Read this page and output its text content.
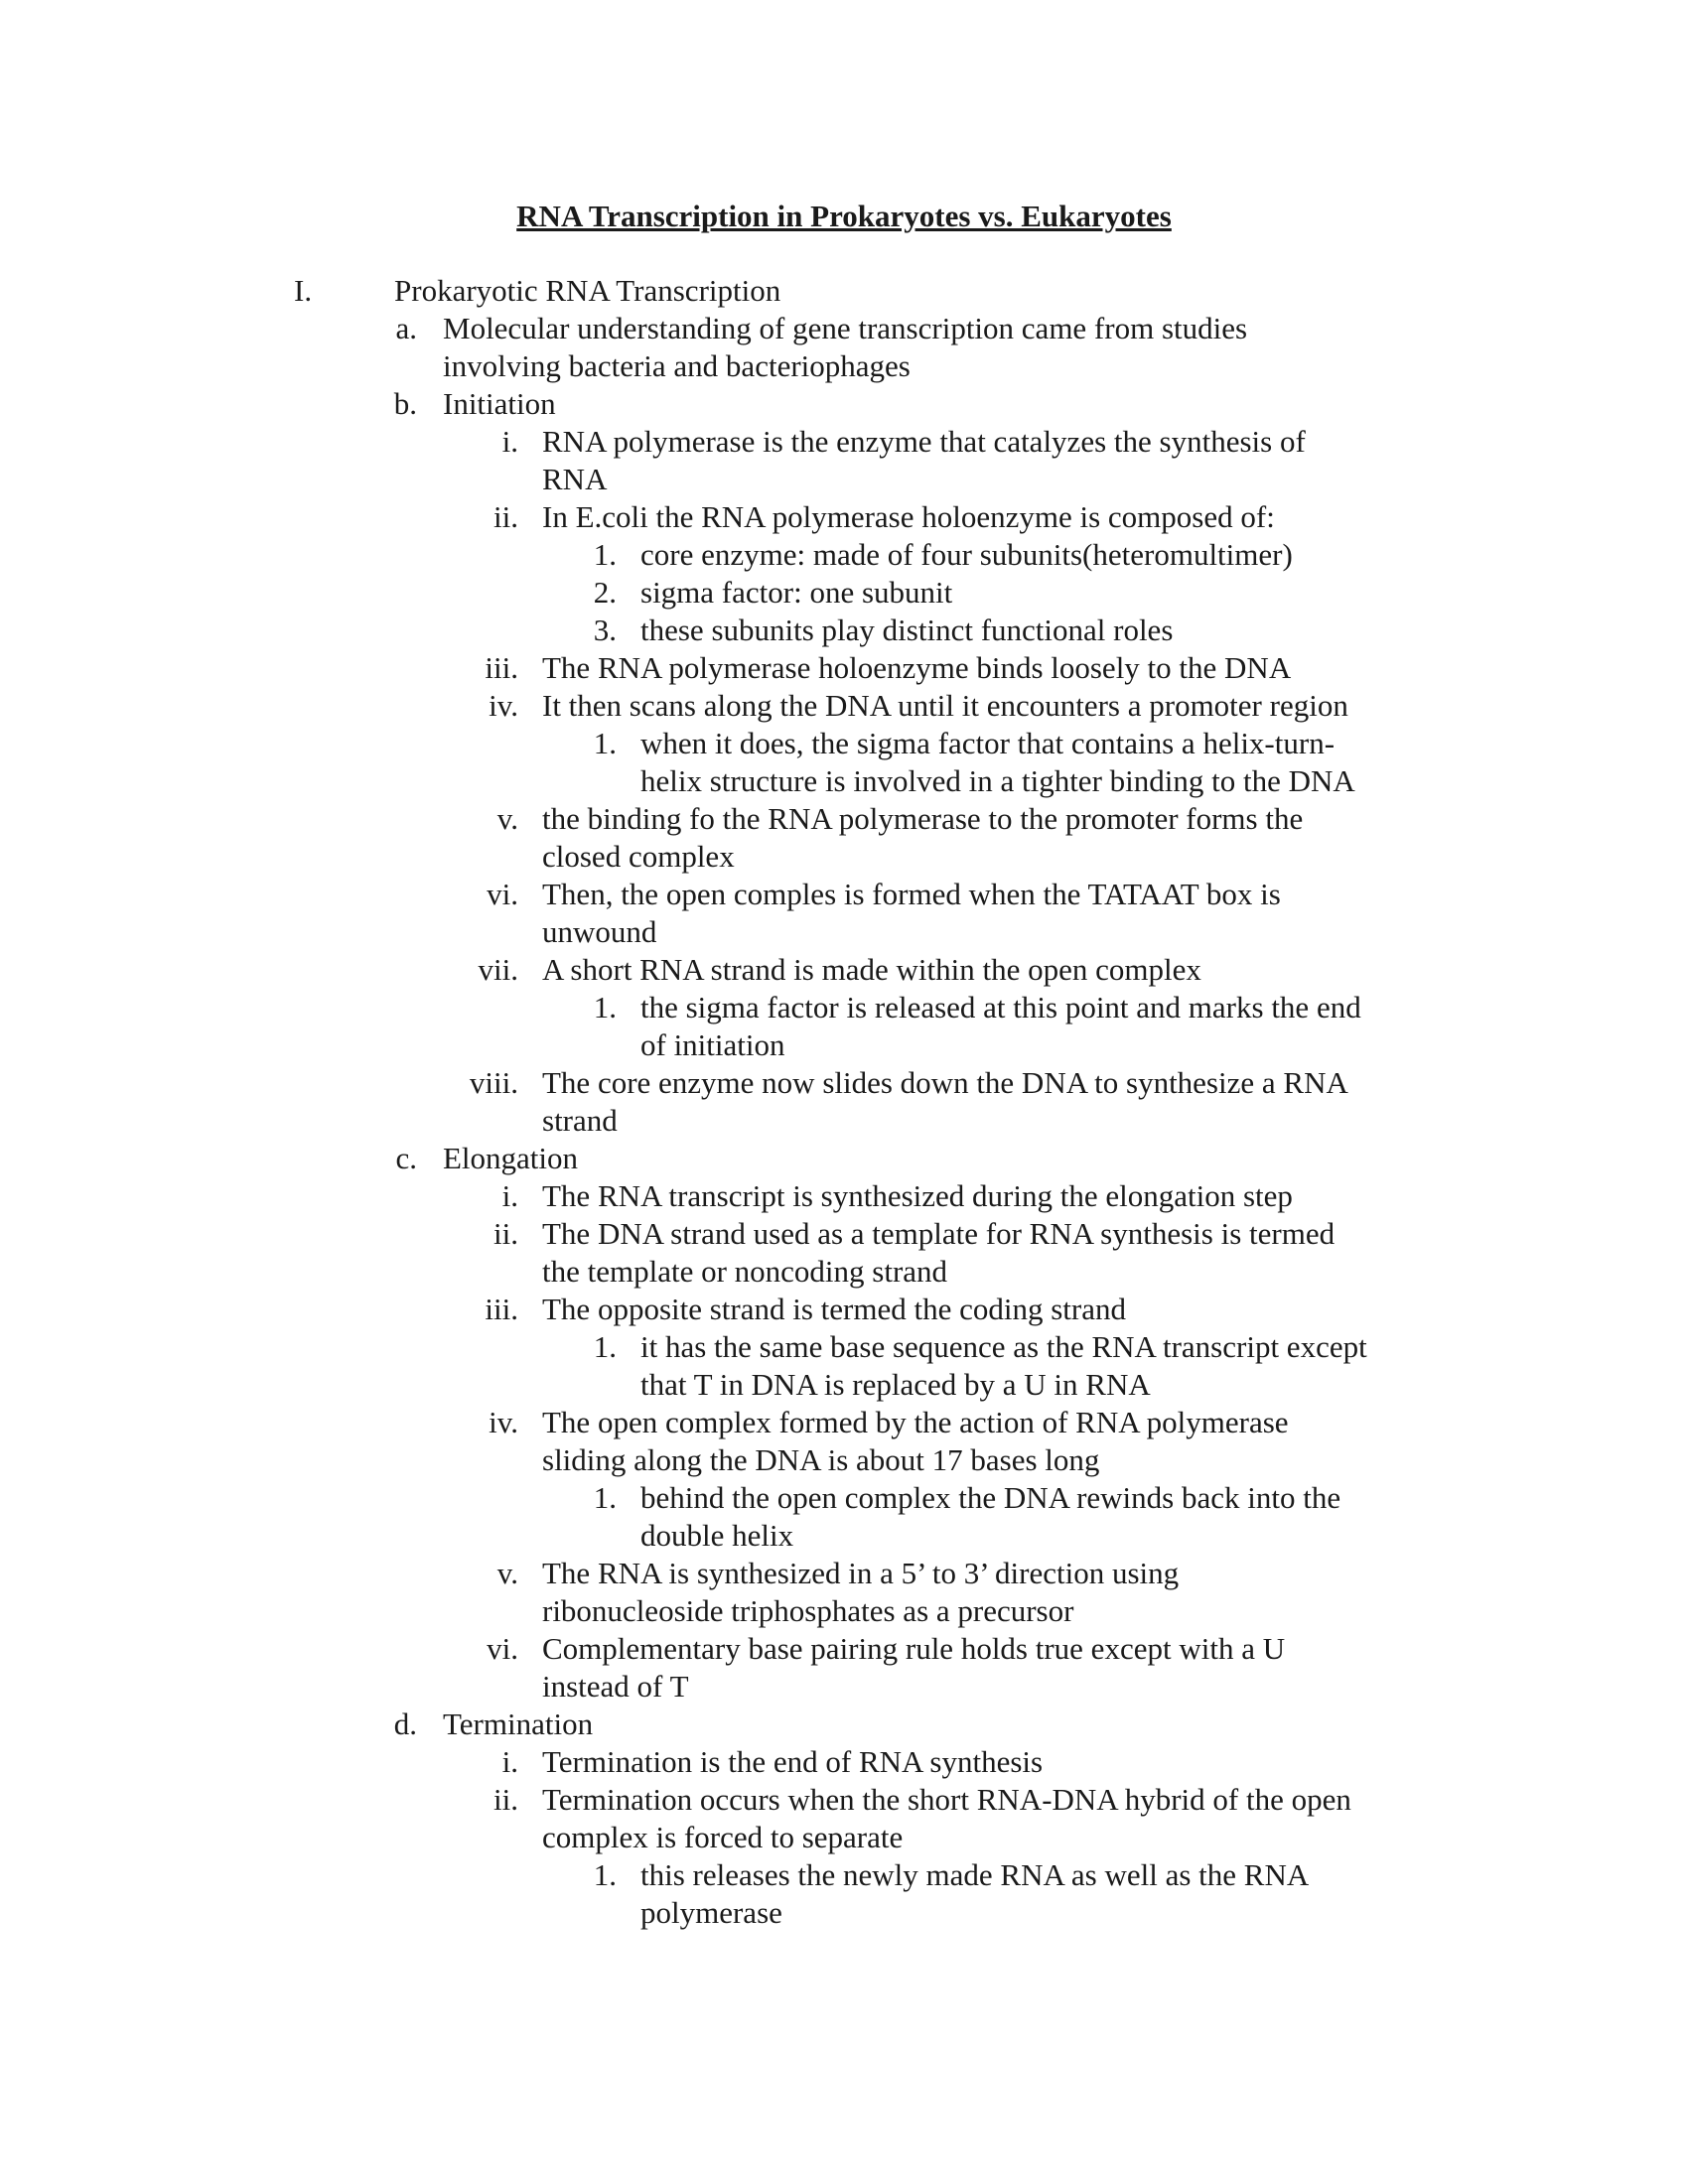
RNA Transcription in Prokaryotes vs. Eukaryotes
I.	Prokaryotic RNA Transcription
a. Molecular understanding of gene transcription came from studies
involving bacteria and bacteriophages
b. Initiation
i. RNA polymerase is the enzyme that catalyzes the synthesis of
RNA
ii. In E.coli the RNA polymerase holoenzyme is composed of:
1. core enzyme: made of four subunits(heteromultimer)
2. sigma factor: one subunit
3. these subunits play distinct functional roles
iii. The RNA polymerase holoenzyme binds loosely to the DNA
iv. It then scans along the DNA until it encounters a promoter region
1. when it does, the sigma factor that contains a helix-turn-
helix structure is involved in a tighter binding to the DNA
v. the binding fo the RNA polymerase to the promoter forms the
closed complex
vi. Then, the open comples is formed when the TATAAT box is
unwound
vii. A short RNA strand is made within the open complex
1. the sigma factor is released at this point and marks the end
of initiation
viii. The core enzyme now slides down the DNA to synthesize a RNA
strand
c. Elongation
i. The RNA transcript is synthesized during the elongation step
ii. The DNA strand used as a template for RNA synthesis is termed
the template or noncoding strand
iii. The opposite strand is termed the coding strand
1. it has the same base sequence as the RNA transcript except
that T in DNA is replaced by a U in RNA
iv. The open complex formed by the action of RNA polymerase
sliding along the DNA is about 17 bases long
1. behind the open complex the DNA rewinds back into the
double helix
v. The RNA is synthesized in a 5’ to 3’ direction using
ribonucleoside triphosphates as a precursor
vi. Complementary base pairing rule holds true except with a U
instead of T
d. Termination
i. Termination is the end of RNA synthesis
ii. Termination occurs when the short RNA-DNA hybrid of the open
complex is forced to separate
1. this releases the newly made RNA as well as the RNA
polymerase
